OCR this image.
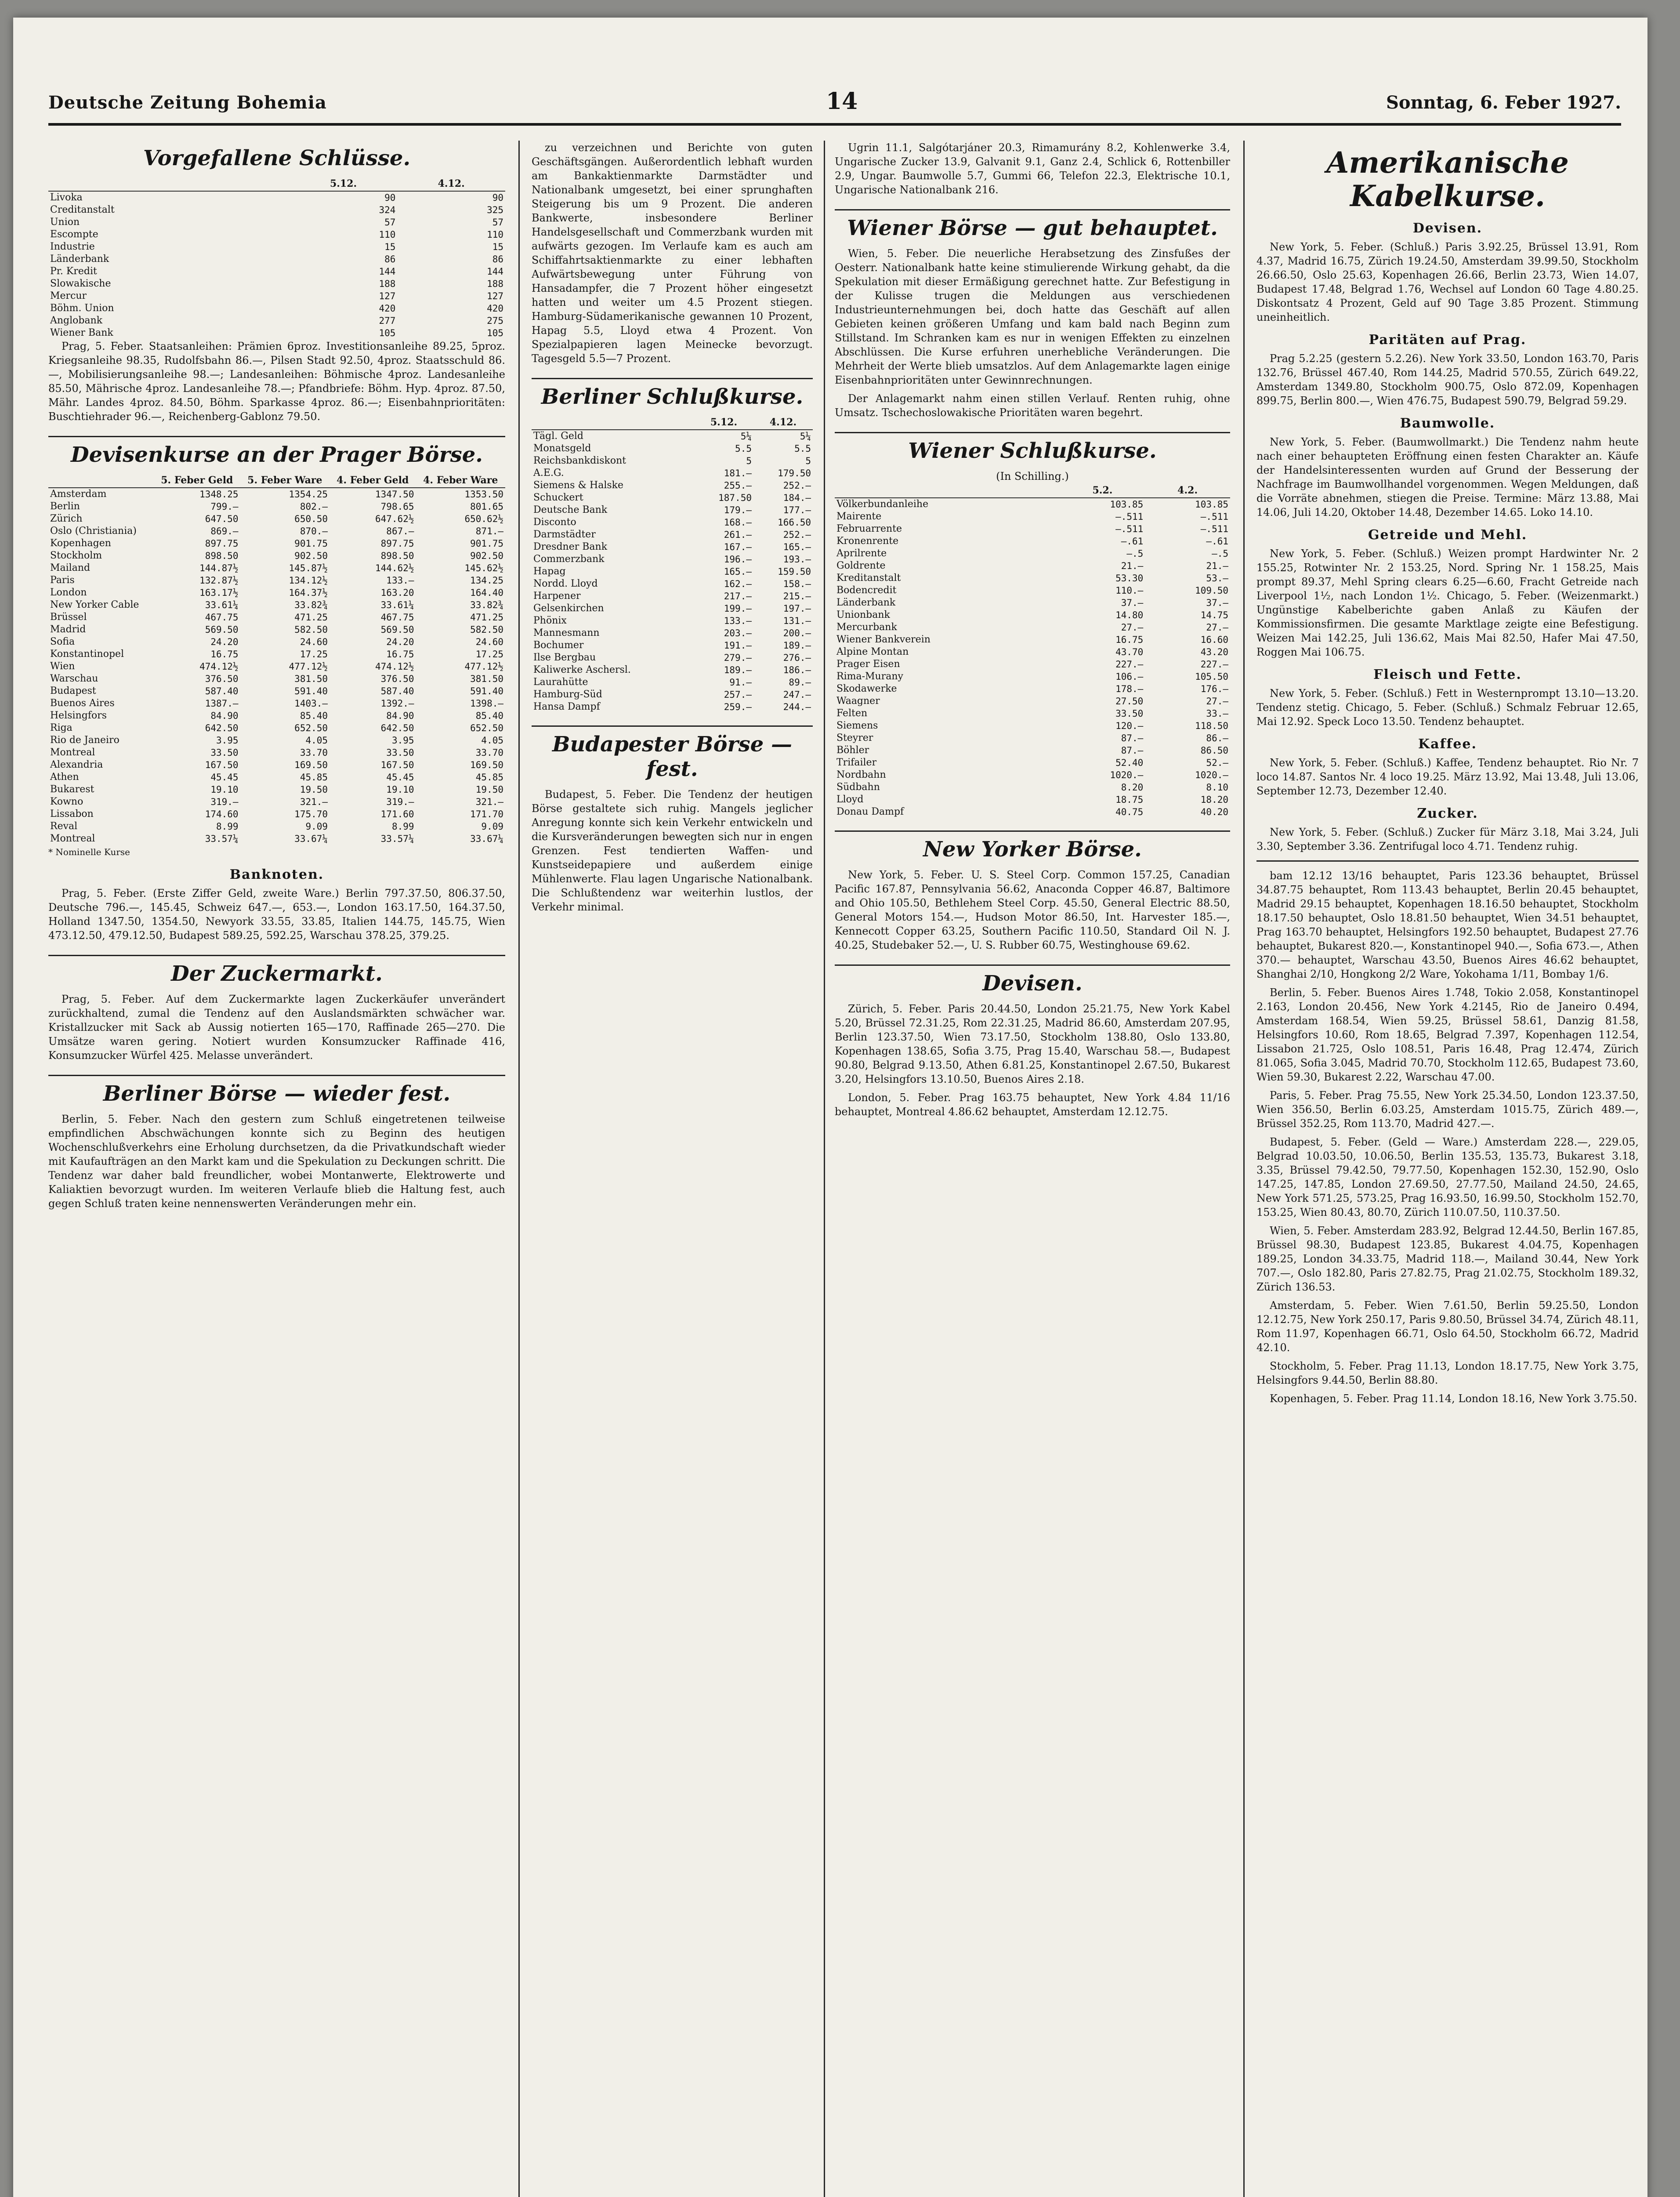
Deutsche Zeitung Bohemia	14	Sonntag, 6. Feber 1927.
Vorgefallene Schlüsse.
	5.12.	4.12.
Livoka	90	90
Creditanstalt	324	325
Union	57	57
Escompte	110	110
Industrie	15	15
Länderbank	86	86
Pr. Kredit	144	144
Slowakische	188	188
Mercur	127	127
Böhm. Union	420	420
Anglobank	277	275
Wiener Bank	105	105

Prag, 5. Feber. Staatsanleihen: Prämien 6proz. Investitionsanleihe 89.25, 5proz. Kriegsanleihe 98.35, Rudolfsbahn 86.—, Pilsen Stadt 92.50, 4proz. Staatsschuld 86.—, Mobilisierungsanleihe 98.—; Landesanleihen: Böhmische 4proz. Landesanleihe 85.50, Mährische 4proz. Landesanleihe 78.—; Pfandbriefe: Böhm. Hyp. 4proz. 87.50, Mähr. Landes 4proz. 84.50, Böhm. Sparkasse 4proz. 86.—; Eisenbahnprioritäten: Buschtiehrader 96.—, Reichenberg-Gablonz 79.50.

Devisenkurse an der Prager Börse.
	5. Feber Geld	5. Feber Ware	4. Feber Geld	4. Feber Ware
Amsterdam	1348.25	1354.25	1347.50	1353.50
Berlin	799.—	802.—	798.65	801.65
Zürich	647.50	650.50	647.62½	650.62½
Oslo (Christiania)	869.—	870.—	867.—	871.—
Kopenhagen	897.75	901.75	897.75	901.75
Stockholm	898.50	902.50	898.50	902.50
Mailand	144.87½	145.87½	144.62½	145.62½
Paris	132.87½	134.12½	133.—	134.25
London	163.17½	164.37½	163.20	164.40
New Yorker Cable	33.61¼	33.82¾	33.61¼	33.82¾
Brüssel	467.75	471.25	467.75	471.25
Madrid	569.50	582.50	569.50	582.50
Sofia	24.20	24.60	24.20	24.60
Konstantinopel	16.75	17.25	16.75	17.25
Wien	474.12½	477.12½	474.12½	477.12½
Warschau	376.50	381.50	376.50	381.50
Budapest	587.40	591.40	587.40	591.40
Buenos Aires	1387.—	1403.—	1392.—	1398.—
Helsingfors	84.90	85.40	84.90	85.40
Riga	642.50	652.50	642.50	652.50
Rio de Janeiro	3.95	4.05	3.95	4.05
Montreal	33.50	33.70	33.50	33.70
Alexandria	167.50	169.50	167.50	169.50
Athen	45.45	45.85	45.45	45.85
Bukarest	19.10	19.50	19.10	19.50
Kowno	319.—	321.—	319.—	321.—
Lissabon	174.60	175.70	171.60	171.70
Reval	8.99	9.09	8.99	9.09
Montreal	33.57¼	33.67¼	33.57¼	33.67¼
* Nominelle Kurse
Banknoten.

Prag, 5. Feber. (Erste Ziffer Geld, zweite Ware.) Berlin 797.37.50, 806.37.50, Deutsche 796.—, 145.45, Schweiz 647.—, 653.—, London 163.17.50, 164.37.50, Holland 1347.50, 1354.50, Newyork 33.55, 33.85, Italien 144.75, 145.75, Wien 473.12.50, 479.12.50, Budapest 589.25, 592.25, Warschau 378.25, 379.25.

Der Zuckermarkt.

Prag, 5. Feber. Auf dem Zuckermarkte lagen Zuckerkäufer unverändert zurückhaltend, zumal die Tendenz auf den Auslandsmärkten schwächer war. Kristallzucker mit Sack ab Aussig notierten 165—170, Raffinade 265—270. Die Umsätze waren gering. Notiert wurden Konsumzucker Raffinade 416, Konsumzucker Würfel 425. Melasse unverändert.

Berliner Börse — wieder fest.

Berlin, 5. Feber. Nach den gestern zum Schluß eingetretenen teilweise empfindlichen Abschwächungen konnte sich zu Beginn des heutigen Wochenschlußverkehrs eine Erholung durchsetzen, da die Privatkundschaft wieder mit Kaufaufträgen an den Markt kam und die Spekulation zu Deckungen schritt. Die Tendenz war daher bald freundlicher, wobei Montanwerte, Elektrowerte und Kaliaktien bevorzugt wurden. Im weiteren Verlaufe blieb die Haltung fest, auch gegen Schluß traten keine nennenswerten Veränderungen mehr ein.

zu verzeichnen und Berichte von guten Geschäftsgängen. Außerordentlich lebhaft wurden am Bankaktienmarkte Darmstädter und Nationalbank umgesetzt, bei einer sprunghaften Steigerung bis um 9 Prozent. Die anderen Bankwerte, insbesondere Berliner Handelsgesellschaft und Commerzbank wurden mit aufwärts gezogen. Im Verlaufe kam es auch am Schiffahrtsaktienmarkte zu einer lebhaften Aufwärtsbewegung unter Führung von Hansadampfer, die 7 Prozent höher eingesetzt hatten und weiter um 4.5 Prozent stiegen. Hamburg-Südamerikanische gewannen 10 Prozent, Hapag 5.5, Lloyd etwa 4 Prozent. Von Spezialpapieren lagen Meinecke bevorzugt. Tagesgeld 5.5—7 Prozent.

Berliner Schlußkurse.
	5.12.	4.12.
Tägl. Geld	5¼	5¼
Monatsgeld	5.5	5.5
Reichsbankdiskont	5	5
A.E.G.	181.—	179.50
Siemens & Halske	255.—	252.—
Schuckert	187.50	184.—
Deutsche Bank	179.—	177.—
Disconto	168.—	166.50
Darmstädter	261.—	252.—
Dresdner Bank	167.—	165.—
Commerzbank	196.—	193.—
Hapag	165.—	159.50
Nordd. Lloyd	162.—	158.—
Harpener	217.—	215.—
Gelsenkirchen	199.—	197.—
Phönix	133.—	131.—
Mannesmann	203.—	200.—
Bochumer	191.—	189.—
Ilse Bergbau	279.—	276.—
Kaliwerke Aschersl.	189.—	186.—
Laurahütte	91.—	89.—
Hamburg-Süd	257.—	247.—
Hansa Dampf	259.—	244.—
Budapester Börse — fest.

Budapest, 5. Feber. Die Tendenz der heutigen Börse gestaltete sich ruhig. Mangels jeglicher Anregung konnte sich kein Verkehr entwickeln und die Kursveränderungen bewegten sich nur in engen Grenzen. Fest tendierten Waffen- und Kunstseidepapiere und außerdem einige Mühlenwerte. Flau lagen Ungarische Nationalbank. Die Schlußtendenz war weiterhin lustlos, der Verkehr minimal.

Ugrin 11.1, Salgótarjáner 20.3, Rimamurány 8.2, Kohlenwerke 3.4, Ungarische Zucker 13.9, Galvanit 9.1, Ganz 2.4, Schlick 6, Rottenbiller 2.9, Ungar. Baumwolle 5.7, Gummi 66, Telefon 22.3, Elektrische 10.1, Ungarische Nationalbank 216.

Wiener Börse — gut behauptet.

Wien, 5. Feber. Die neuerliche Herabsetzung des Zinsfußes der Oesterr. Nationalbank hatte keine stimulierende Wirkung gehabt, da die Spekulation mit dieser Ermäßigung gerechnet hatte. Zur Befestigung in der Kulisse trugen die Meldungen aus verschiedenen Industrieunternehmungen bei, doch hatte das Geschäft auf allen Gebieten keinen größeren Umfang und kam bald nach Beginn zum Stillstand. Im Schranken kam es nur in wenigen Effekten zu einzelnen Abschlüssen. Die Kurse erfuhren unerhebliche Veränderungen. Die Mehrheit der Werte blieb umsatzlos. Auf dem Anlagemarkte lagen einige Eisenbahnprioritäten unter Gewinnrechnungen.

Der Anlagemarkt nahm einen stillen Verlauf. Renten ruhig, ohne Umsatz. Tschechoslowakische Prioritäten waren begehrt.

Wiener Schlußkurse.
(In Schilling.)
	5.2.	4.2.
Völkerbundanleihe	103.85	103.85
Mairente	—.511	—.511
Februarrente	—.511	—.511
Kronenrente	—.61	—.61
Aprilrente	—.5	—.5
Goldrente	21.—	21.—
Kreditanstalt	53.30	53.—
Bodencredit	110.—	109.50
Länderbank	37.—	37.—
Unionbank	14.80	14.75
Mercurbank	27.—	27.—
Wiener Bankverein	16.75	16.60
Alpine Montan	43.70	43.20
Prager Eisen	227.—	227.—
Rima-Murany	106.—	105.50
Skodawerke	178.—	176.—
Waagner	27.50	27.—
Felten	33.50	33.—
Siemens	120.—	118.50
Steyrer	87.—	86.—
Böhler	87.—	86.50
Trifailer	52.40	52.—
Nordbahn	1020.—	1020.—
Südbahn	8.20	8.10
Lloyd	18.75	18.20
Donau Dampf	40.75	40.20
New Yorker Börse.

New York, 5. Feber. U. S. Steel Corp. Common 157.25, Canadian Pacific 167.87, Pennsylvania 56.62, Anaconda Copper 46.87, Baltimore and Ohio 105.50, Bethlehem Steel Corp. 45.50, General Electric 88.50, General Motors 154.—, Hudson Motor 86.50, Int. Harvester 185.—, Kennecott Copper 63.25, Southern Pacific 110.50, Standard Oil N. J. 40.25, Studebaker 52.—, U. S. Rubber 60.75, Westinghouse 69.62.

Devisen.

Zürich, 5. Feber. Paris 20.44.50, London 25.21.75, New York Kabel 5.20, Brüssel 72.31.25, Rom 22.31.25, Madrid 86.60, Amsterdam 207.95, Berlin 123.37.50, Wien 73.17.50, Stockholm 138.80, Oslo 133.80, Kopenhagen 138.65, Sofia 3.75, Prag 15.40, Warschau 58.—, Budapest 90.80, Belgrad 9.13.50, Athen 6.81.25, Konstantinopel 2.67.50, Bukarest 3.20, Helsingfors 13.10.50, Buenos Aires 2.18.

London, 5. Feber. Prag 163.75 behauptet, New York 4.84 11/16 behauptet, Montreal 4.86.62 behauptet, Amsterdam 12.12.75.

Amerikanische Kabelkurse.
Devisen.

New York, 5. Feber. (Schluß.) Paris 3.92.25, Brüssel 13.91, Rom 4.37, Madrid 16.75, Zürich 19.24.50, Amsterdam 39.99.50, Stockholm 26.66.50, Oslo 25.63, Kopenhagen 26.66, Berlin 23.73, Wien 14.07, Budapest 17.48, Belgrad 1.76, Wechsel auf London 60 Tage 4.80.25. Diskontsatz 4 Prozent, Geld auf 90 Tage 3.85 Prozent. Stimmung uneinheitlich.

Paritäten auf Prag.

Prag 5.2.25 (gestern 5.2.26). New York 33.50, London 163.70, Paris 132.76, Brüssel 467.40, Rom 144.25, Madrid 570.55, Zürich 649.22, Amsterdam 1349.80, Stockholm 900.75, Oslo 872.09, Kopenhagen 899.75, Berlin 800.—, Wien 476.75, Budapest 590.79, Belgrad 59.29.

Baumwolle.

New York, 5. Feber. (Baumwollmarkt.) Die Tendenz nahm heute nach einer behaupteten Eröffnung einen festen Charakter an. Käufe der Handelsinteressenten wurden auf Grund der Besserung der Nachfrage im Baumwollhandel vorgenommen. Wegen Meldungen, daß die Vorräte abnehmen, stiegen die Preise. Termine: März 13.88, Mai 14.06, Juli 14.20, Oktober 14.48, Dezember 14.65. Loko 14.10.

Getreide und Mehl.

New York, 5. Feber. (Schluß.) Weizen prompt Hardwinter Nr. 2 155.25, Rotwinter Nr. 2 153.25, Nord. Spring Nr. 1 158.25, Mais prompt 89.37, Mehl Spring clears 6.25—6.60, Fracht Getreide nach Liverpool 1½, nach London 1½. Chicago, 5. Feber. (Weizenmarkt.) Ungünstige Kabelberichte gaben Anlaß zu Käufen der Kommissionsfirmen. Die gesamte Marktlage zeigte eine Befestigung. Weizen Mai 142.25, Juli 136.62, Mais Mai 82.50, Hafer Mai 47.50, Roggen Mai 106.75.

Fleisch und Fette.

New York, 5. Feber. (Schluß.) Fett in Westernprompt 13.10—13.20. Tendenz stetig. Chicago, 5. Feber. (Schluß.) Schmalz Februar 12.65, Mai 12.92. Speck Loco 13.50. Tendenz behauptet.

Kaffee.

New York, 5. Feber. (Schluß.) Kaffee, Tendenz behauptet. Rio Nr. 7 loco 14.87. Santos Nr. 4 loco 19.25. März 13.92, Mai 13.48, Juli 13.06, September 12.73, Dezember 12.40.

Zucker.

New York, 5. Feber. (Schluß.) Zucker für März 3.18, Mai 3.24, Juli 3.30, September 3.36. Zentrifugal loco 4.71. Tendenz ruhig.

bam 12.12 13/16 behauptet, Paris 123.36 behauptet, Brüssel 34.87.75 behauptet, Rom 113.43 behauptet, Berlin 20.45 behauptet, Madrid 29.15 behauptet, Kopenhagen 18.16.50 behauptet, Stockholm 18.17.50 behauptet, Oslo 18.81.50 behauptet, Wien 34.51 behauptet, Prag 163.70 behauptet, Helsingfors 192.50 behauptet, Budapest 27.76 behauptet, Bukarest 820.—, Konstantinopel 940.—, Sofia 673.—, Athen 370.— behauptet, Warschau 43.50, Buenos Aires 46.62 behauptet, Shanghai 2/10, Hongkong 2/2 Ware, Yokohama 1/11, Bombay 1/6.

Berlin, 5. Feber. Buenos Aires 1.748, Tokio 2.058, Konstantinopel 2.163, London 20.456, New York 4.2145, Rio de Janeiro 0.494, Amsterdam 168.54, Wien 59.25, Brüssel 58.61, Danzig 81.58, Helsingfors 10.60, Rom 18.65, Belgrad 7.397, Kopenhagen 112.54, Lissabon 21.725, Oslo 108.51, Paris 16.48, Prag 12.474, Zürich 81.065, Sofia 3.045, Madrid 70.70, Stockholm 112.65, Budapest 73.60, Wien 59.30, Bukarest 2.22, Warschau 47.00.

Paris, 5. Feber. Prag 75.55, New York 25.34.50, London 123.37.50, Wien 356.50, Berlin 6.03.25, Amsterdam 1015.75, Zürich 489.—, Brüssel 352.25, Rom 113.70, Madrid 427.—.

Budapest, 5. Feber. (Geld — Ware.) Amsterdam 228.—, 229.05, Belgrad 10.03.50, 10.06.50, Berlin 135.53, 135.73, Bukarest 3.18, 3.35, Brüssel 79.42.50, 79.77.50, Kopenhagen 152.30, 152.90, Oslo 147.25, 147.85, London 27.69.50, 27.77.50, Mailand 24.50, 24.65, New York 571.25, 573.25, Prag 16.93.50, 16.99.50, Stockholm 152.70, 153.25, Wien 80.43, 80.70, Zürich 110.07.50, 110.37.50.

Wien, 5. Feber. Amsterdam 283.92, Belgrad 12.44.50, Berlin 167.85, Brüssel 98.30, Budapest 123.85, Bukarest 4.04.75, Kopenhagen 189.25, London 34.33.75, Madrid 118.—, Mailand 30.44, New York 707.—, Oslo 182.80, Paris 27.82.75, Prag 21.02.75, Stockholm 189.32, Zürich 136.53.

Amsterdam, 5. Feber. Wien 7.61.50, Berlin 59.25.50, London 12.12.75, New York 250.17, Paris 9.80.50, Brüssel 34.74, Zürich 48.11, Rom 11.97, Kopenhagen 66.71, Oslo 64.50, Stockholm 66.72, Madrid 42.10.

Stockholm, 5. Feber. Prag 11.13, London 18.17.75, New York 3.75, Helsingfors 9.44.50, Berlin 88.80.

Kopenhagen, 5. Feber. Prag 11.14, London 18.16, New York 3.75.50.
